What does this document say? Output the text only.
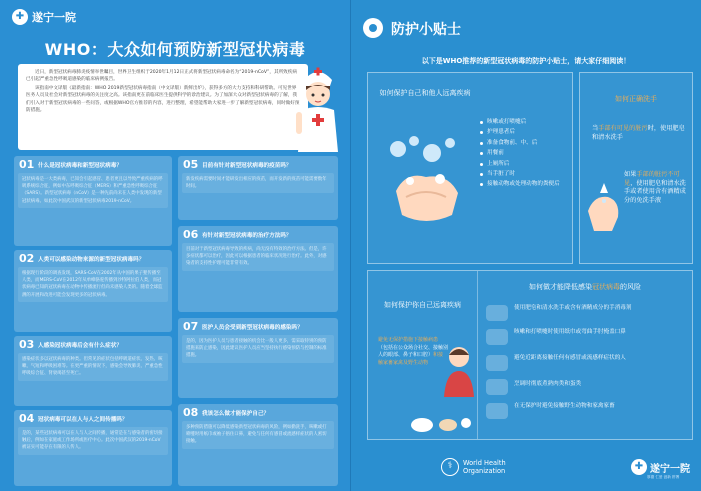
✚ 遂宁一院
WHO：大众如何预防新型冠状病毒

近日，新型冠状病毒肺炎疫情举世瞩目，世界卫生组织于2020年1月12日正式将新型冠状病毒命名为“2019-nCoV”，其所致疾病已引起严重急性呼吸道感染的临床病例报告。

该指南中文译版《最新指南：WHO 2019新型冠状病毒指南（中文译版）新鲜出炉》，获得多方的大力支持和科研帮助。可见世界医务人员及社会对新型冠状病毒的关注度之高。该指南更在前临床医生提供科学的诊治建议。为了加深大众对新型冠状病毒的了解，我们引入对于新型冠状病毒的一些问答，或根据WHO官方推荐的内容，进行整理，希望能帮助大家进一步了解新型冠状病毒，同时做好预防措施。

01 什么是冠状病毒和新型冠状病毒？
冠状病毒是一大类病毒，已知会引起感冒、患者更且以导致严重疾病的呼吸系统综合征，例如中东呼吸综合征（MERS）和严重急性呼吸综合征（SARS）。新型冠状病毒（nCoV）是一种先前尚未在人类中发现的新型冠状病毒。如此次中国武汉的新型冠状病毒2019-nCoV。
02 人类可以感染动物来源的新型冠状病毒吗？
根据现行阶段的调查发现，SARS-CoV在2002年从中国的果子狸传播至人类，而MERS-CoV在2012年从单峰骆驼传播到沙特阿拉伯人类，而冠状病毒已知的冠状病毒在动物中传播流行但尚未感染人类的。随着全球监测的开展和改进可能会发现更多的冠状病毒。
03 人感染冠状病毒后会有什么症状？
感染症状多以冠状病毒的种类。但常见的症状包括呼吸道症状、发热、咳嗽、气短和呼吸困难等。在更严重的情况下，感染会导致肺炎、严重急性呼吸综合征、肾衰竭甚至死亡。
04 冠状病毒可以在人与人之间传播吗？
是的，某些冠状病毒可以在人与人之间传播，通常是在与感染者的密切接触后，例如在家庭或工作场所或医疗中心。此次中国武汉的2019-nCoV被证实可能存在有限的人传人。
05 目前有针对新型冠状病毒的疫苗吗？
新发疾病需要时间才能研发出相应的疫苗，而开发新的疫苗可能需要数年时间。
06 有针对新型冠状病毒的治疗方法吗？
目前对于新型冠状病毒导致的疾病，尚无没有特效的治疗方法。但是，许多症状都可以治疗，因此可以根据患者的临床状况进行治疗。此外，对感染者的支持性护理可能非常有效。
07 医护人员会受到新型冠状病毒的感染吗？
是的，因为医护人员与患者接触的机会比一般人更多，需采取特别的预防措施来防止感染，因此建议医护人员应当坚持执行感染预防与控制的标准措施。
08 我该怎么做才能保护自己？
多种预防措施可以降低感染新型冠状病毒的风险，例如勤洗手，咳嗽或打喷嚏时用纸巾或袖子捂住口鼻，避免与任何有感冒或流感样症状的人密切接触。
防护小贴士
以下是WHO推荐的新型冠状病毒的防护小贴士，请大家仔细阅读！
如何保护自己和他人远离疾病
咳嗽或打喷嚏后
护理患者后
准备食物前、中、后
用餐前
上厕所后
当手脏了时
接触动物或处理动物的粪便后
如何正确洗手
当手部有可见的脏污时，使用肥皂和清水洗手
如果手部的脏污不可见，使用肥皂和清水洗手或者使用含有酒精成分的免洗手液
如何保护你自己远离疾病
避免无保护措施下接触病患（包括在公众场合社交、接触别人的眼部、鼻子和口腔）和接触家畜家禽及野生动物
如何做才能降低感染冠状病毒的风险
使用肥皂和清水洗手或含有酒精成分的手消毒剂
咳嗽和打喷嚏时使用纸巾或弯曲手肘掩盖口鼻
避免近距离接触任何有感冒或流感样症状的人
烹调时彻底煮熟肉类和蛋类
在无保护时避免接触野生动物和家禽家畜
⚕	World Health
Organization	✚ 遂宁一院
厚德 仁爱 创新 拼搏
